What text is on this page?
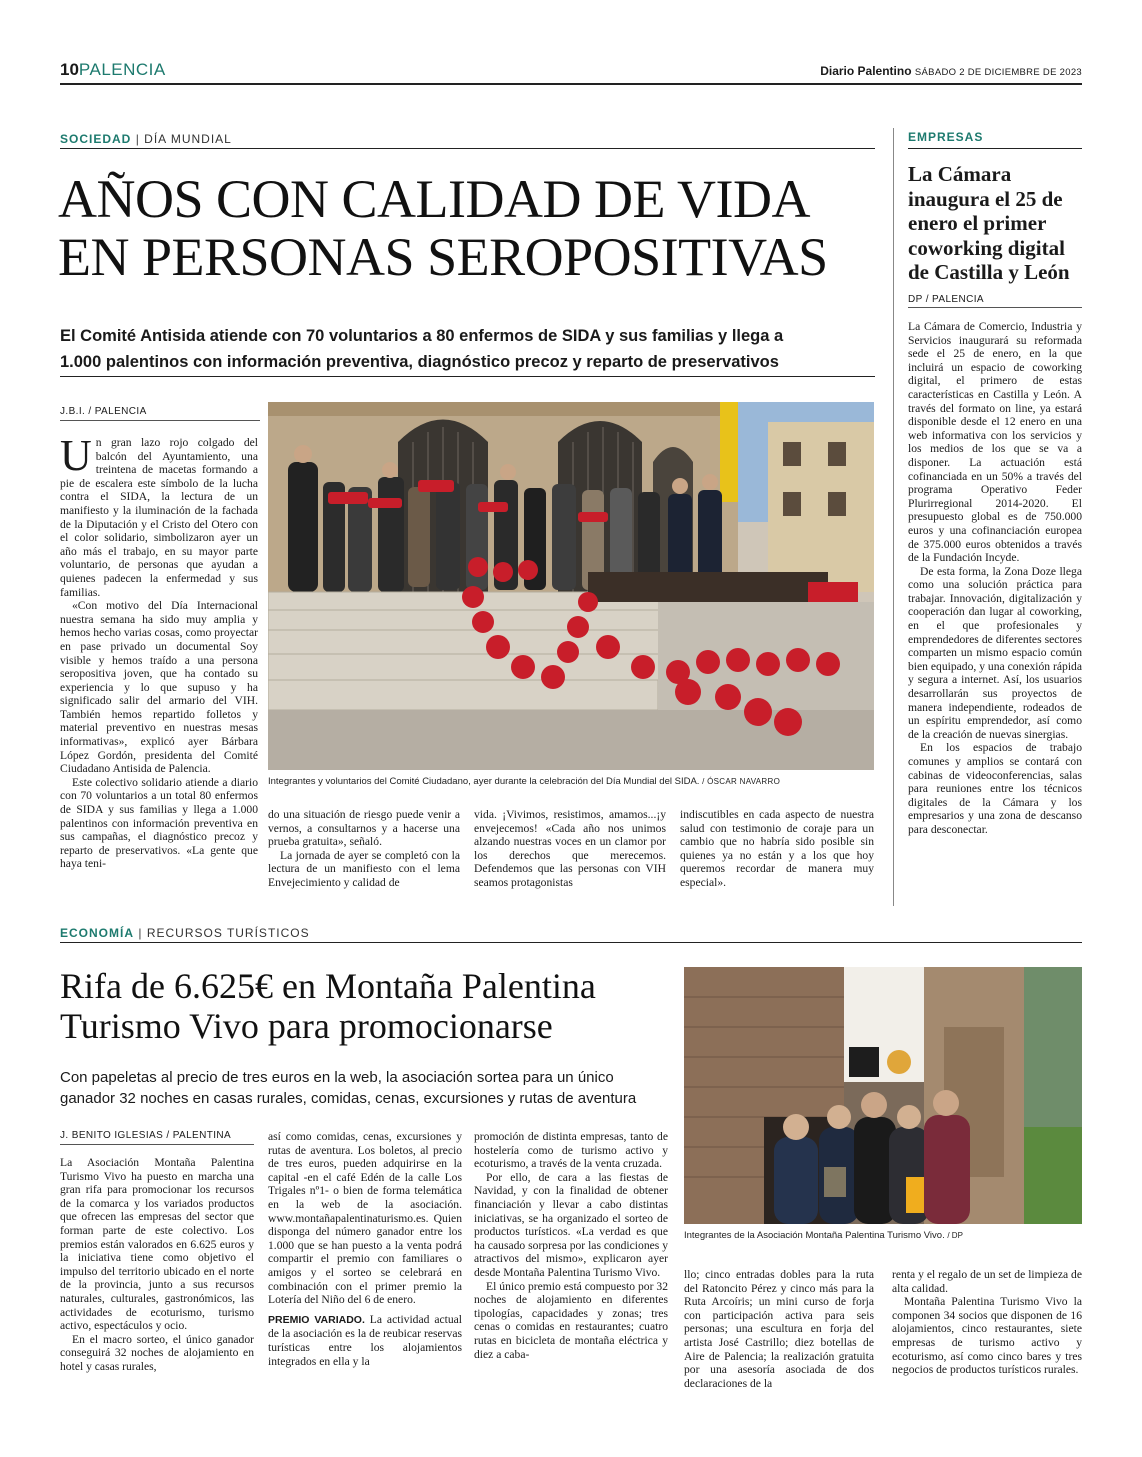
10PALENCIA	Diario Palentino SÁBADO 2 DE DICIEMBRE DE 2023
SOCIEDAD | DÍA MUNDIAL
AÑOS CON CALIDAD DE VIDA
EN PERSONAS SEROPOSITIVAS
El Comité Antisida atiende con 70 voluntarios a 80 enfermos de SIDA y sus familias y llega a
1.000 palentinos con información preventiva, diagnóstico precoz y reparto de preservativos
J.B.I. / PALENCIA

Un gran lazo rojo colgado del balcón del Ayuntamiento, una treintena de macetas formando a pie de escalera este símbolo de la lucha contra el SIDA, la lectura de un manifiesto y la iluminación de la fachada de la Diputación y el Cristo del Otero con el color solidario, simbolizaron ayer un año más el trabajo, en su mayor parte voluntario, de personas que ayudan a quienes padecen la enfermedad y sus familias.

«Con motivo del Día Internacional nuestra semana ha sido muy amplia y hemos hecho varias cosas, como proyectar en pase privado un documental Soy visible y hemos traído a una persona seropositiva joven, que ha contado su experiencia y lo que supuso y ha significado salir del armario del VIH. También hemos repartido folletos y material preventivo en nuestras mesas informativas», explicó ayer Bárbara López Gordón, presidenta del Comité Ciudadano Antisida de Palencia.

Este colectivo solidario atiende a diario con 70 voluntarios a un total 80 enfermos de SIDA y sus familias y llega a 1.000 palentinos con información preventiva en sus campañas, el diagnóstico precoz y reparto de preservativos. «La gente que haya teni-

Integrantes y voluntarios del Comité Ciudadano, ayer durante la celebración del Día Mundial del SIDA. / ÓSCAR NAVARRO

do una situación de riesgo puede venir a vernos, a consultarnos y a hacerse una prueba gratuita», señaló.

La jornada de ayer se completó con la lectura de un manifiesto con el lema Envejecimiento y calidad de

vida. ¡Vivimos, resistimos, amamos...¡y envejecemos! «Cada año nos unimos alzando nuestras voces en un clamor por los derechos que merecemos. Defendemos que las personas con VIH seamos protagonistas

indiscutibles en cada aspecto de nuestra salud con testimonio de coraje para un cambio que no habría sido posible sin quienes ya no están y a los que hoy queremos recordar de manera muy especial».

EMPRESAS
La Cámara inaugura el 25 de enero el primer coworking digital de Castilla y León
DP / PALENCIA

La Cámara de Comercio, Industria y Servicios inaugurará su reformada sede el 25 de enero, en la que incluirá un espacio de coworking digital, el primero de estas características en Castilla y León. A través del formato on line, ya estará disponible desde el 12 enero en una web informativa con los servicios y los medios de los que se va a disponer. La actuación está cofinanciada en un 50% a través del programa Operativo Feder Plurirregional 2014-2020. El presupuesto global es de 750.000 euros y una cofinanciación europea de 375.000 euros obtenidos a través de la Fundación Incyde.

De esta forma, la Zona Doze llega como una solución práctica para trabajar. Innovación, digitalización y cooperación dan lugar al coworking, en el que profesionales y emprendedores de diferentes sectores comparten un mismo espacio común bien equipado, y una conexión rápida y segura a internet. Así, los usuarios desarrollarán sus proyectos de manera independiente, rodeados de un espíritu emprendedor, así como de la creación de nuevas sinergias.

En los espacios de trabajo comunes y amplios se contará con cabinas de videoconferencias, salas para reuniones entre los técnicos digitales de la Cámara y los empresarios y una zona de descanso para desconectar.

ECONOMÍA | RECURSOS TURÍSTICOS
Rifa de 6.625€ en Montaña Palentina
Turismo Vivo para promocionarse
Con papeletas al precio de tres euros en la web, la asociación sortea para un único
ganador 32 noches en casas rurales, comidas, cenas, excursiones y rutas de aventura
Integrantes de la Asociación Montaña Palentina Turismo Vivo. / DP
J. BENITO IGLESIAS / PALENTINA

La Asociación Montaña Palentina Turismo Vivo ha puesto en marcha una gran rifa para promocionar los recursos de la comarca y los variados productos que ofrecen las empresas del sector que forman parte de este colectivo. Los premios están valorados en 6.625 euros y la iniciativa tiene como objetivo el impulso del territorio ubicado en el norte de la provincia, junto a sus recursos naturales, culturales, gastronómicos, las actividades de ecoturismo, turismo activo, espectáculos y ocio.

En el macro sorteo, el único ganador conseguirá 32 noches de alojamiento en hotel y casas rurales,

así como comidas, cenas, excursiones y rutas de aventura. Los boletos, al precio de tres euros, pueden adquirirse en la capital -en el café Edén de la calle Los Trigales nº1- o bien de forma telemática en la web de la asociación. www.montañapalentinaturismo.es. Quien disponga del número ganador entre los 1.000 que se han puesto a la venta podrá compartir el premio con familiares o amigos y el sorteo se celebrará en combinación con el primer premio la Lotería del Niño del 6 de enero.

PREMIO VARIADO. La actividad actual de la asociación es la de reubicar reservas turísticas entre los alojamientos integrados en ella y la

promoción de distinta empresas, tanto de hostelería como de turismo activo y ecoturismo, a través de la venta cruzada.

Por ello, de cara a las fiestas de Navidad, y con la finalidad de obtener financiación y llevar a cabo distintas iniciativas, se ha organizado el sorteo de productos turísticos. «La verdad es que ha causado sorpresa por las condiciones y atractivos del mismo», explicaron ayer desde Montaña Palentina Turismo Vivo.

El único premio está compuesto por 32 noches de alojamiento en diferentes tipologías, capacidades y zonas; tres cenas o comidas en restaurantes; cuatro rutas en bicicleta de montaña eléctrica y diez a caba-

llo; cinco entradas dobles para la ruta del Ratoncito Pérez y cinco más para la Ruta Arcoíris; un mini curso de forja con participación activa para seis personas; una escultura en forja del artista José Castrillo; diez botellas de Aire de Palencia; la realización gratuita por una asesoría asociada de dos declaraciones de la

renta y el regalo de un set de limpieza de alta calidad.

Montaña Palentina Turismo Vivo la componen 34 socios que disponen de 16 alojamientos, cinco restaurantes, siete empresas de turismo activo y ecoturismo, así como cinco bares y tres negocios de productos turísticos rurales.
